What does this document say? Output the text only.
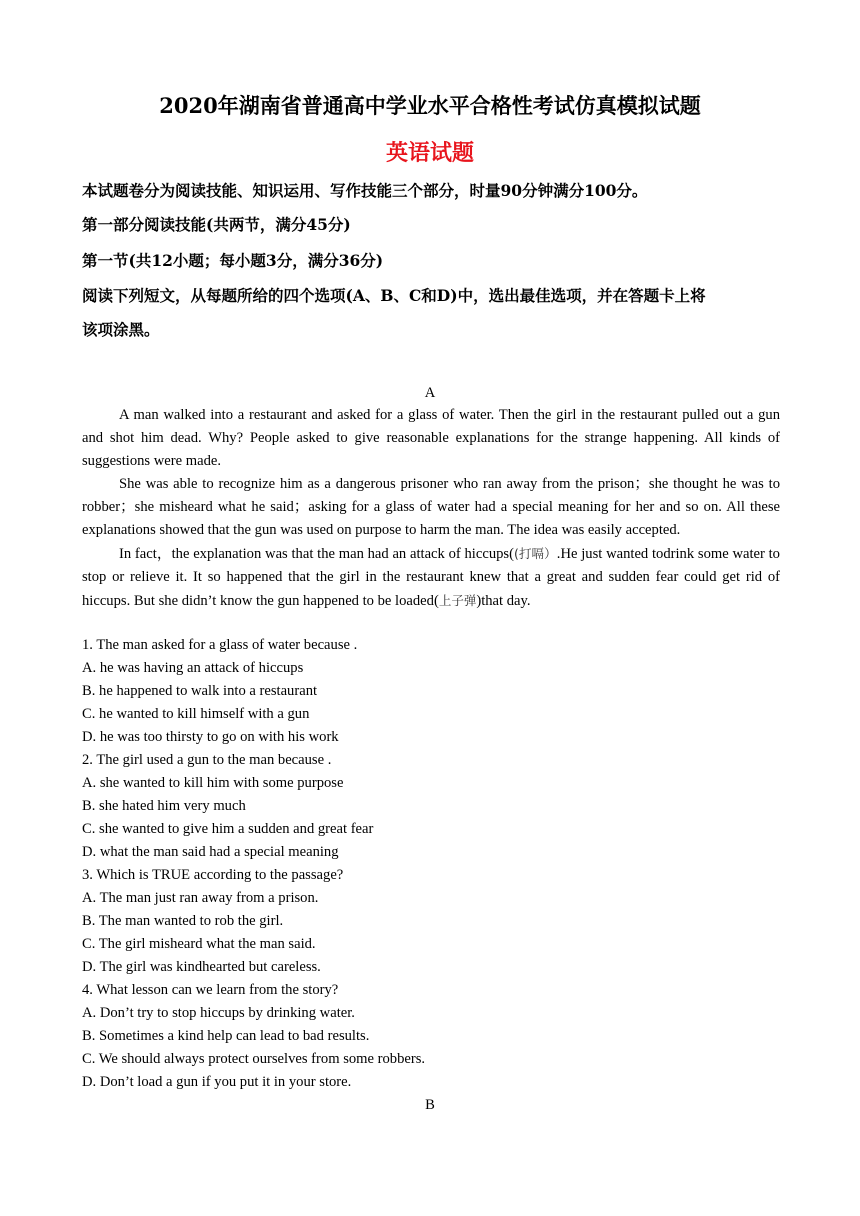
2020年湖南省普通高中学业水平合格性考试仿真模拟试题
英语试题
本试题卷分为阅读技能、知识运用、写作技能三个部分，时量90分钟满分100分。
第一部分阅读技能(共两节，满分45分)
第一节(共12小题；每小题3分，满分36分)
阅读下列短文，从每题所给的四个选项(A、B、C和D)中，选出最佳选项，并在答题卡上将
该项涂黑。
A

A man walked into a restaurant and asked for a glass of water. Then the girl in the restaurant pulled out a gun and shot him dead. Why? People asked to give reasonable explanations for the strange happening. All kinds of suggestions were made.

She was able to recognize him as a dangerous prisoner who ran away from the prison；she thought he was to robber；she misheard what he said；asking for a glass of water had a special meaning for her and so on. All these explanations showed that the gun was used on purpose to harm the man. The idea was easily accepted.

In fact，the explanation was that the man had an attack of hiccups((打嗝）.He just wanted todrink some water to stop or relieve it. It so happened that the girl in the restaurant knew that a great and sudden fear could get rid of hiccups. But she didn’t know the gun happened to be loaded(上子弹)that day.

1. The man asked for a glass of water because .
A. he was having an attack of hiccups
B. he happened to walk into a restaurant
C. he wanted to kill himself with a gun
D. he was too thirsty to go on with his work
2. The girl used a gun to the man because .
A. she wanted to kill him with some purpose
B. she hated him very much
C. she wanted to give him a sudden and great fear
D. what the man said had a special meaning
3. Which is TRUE according to the passage?
A. The man just ran away from a prison.
B. The man wanted to rob the girl.
C. The girl misheard what the man said.
D. The girl was kindhearted but careless.
4. What lesson can we learn from the story?
A. Don’t try to stop hiccups by drinking water.
B. Sometimes a kind help can lead to bad results.
C. We should always protect ourselves from some robbers.
D. Don’t load a gun if you put it in your store.
B
